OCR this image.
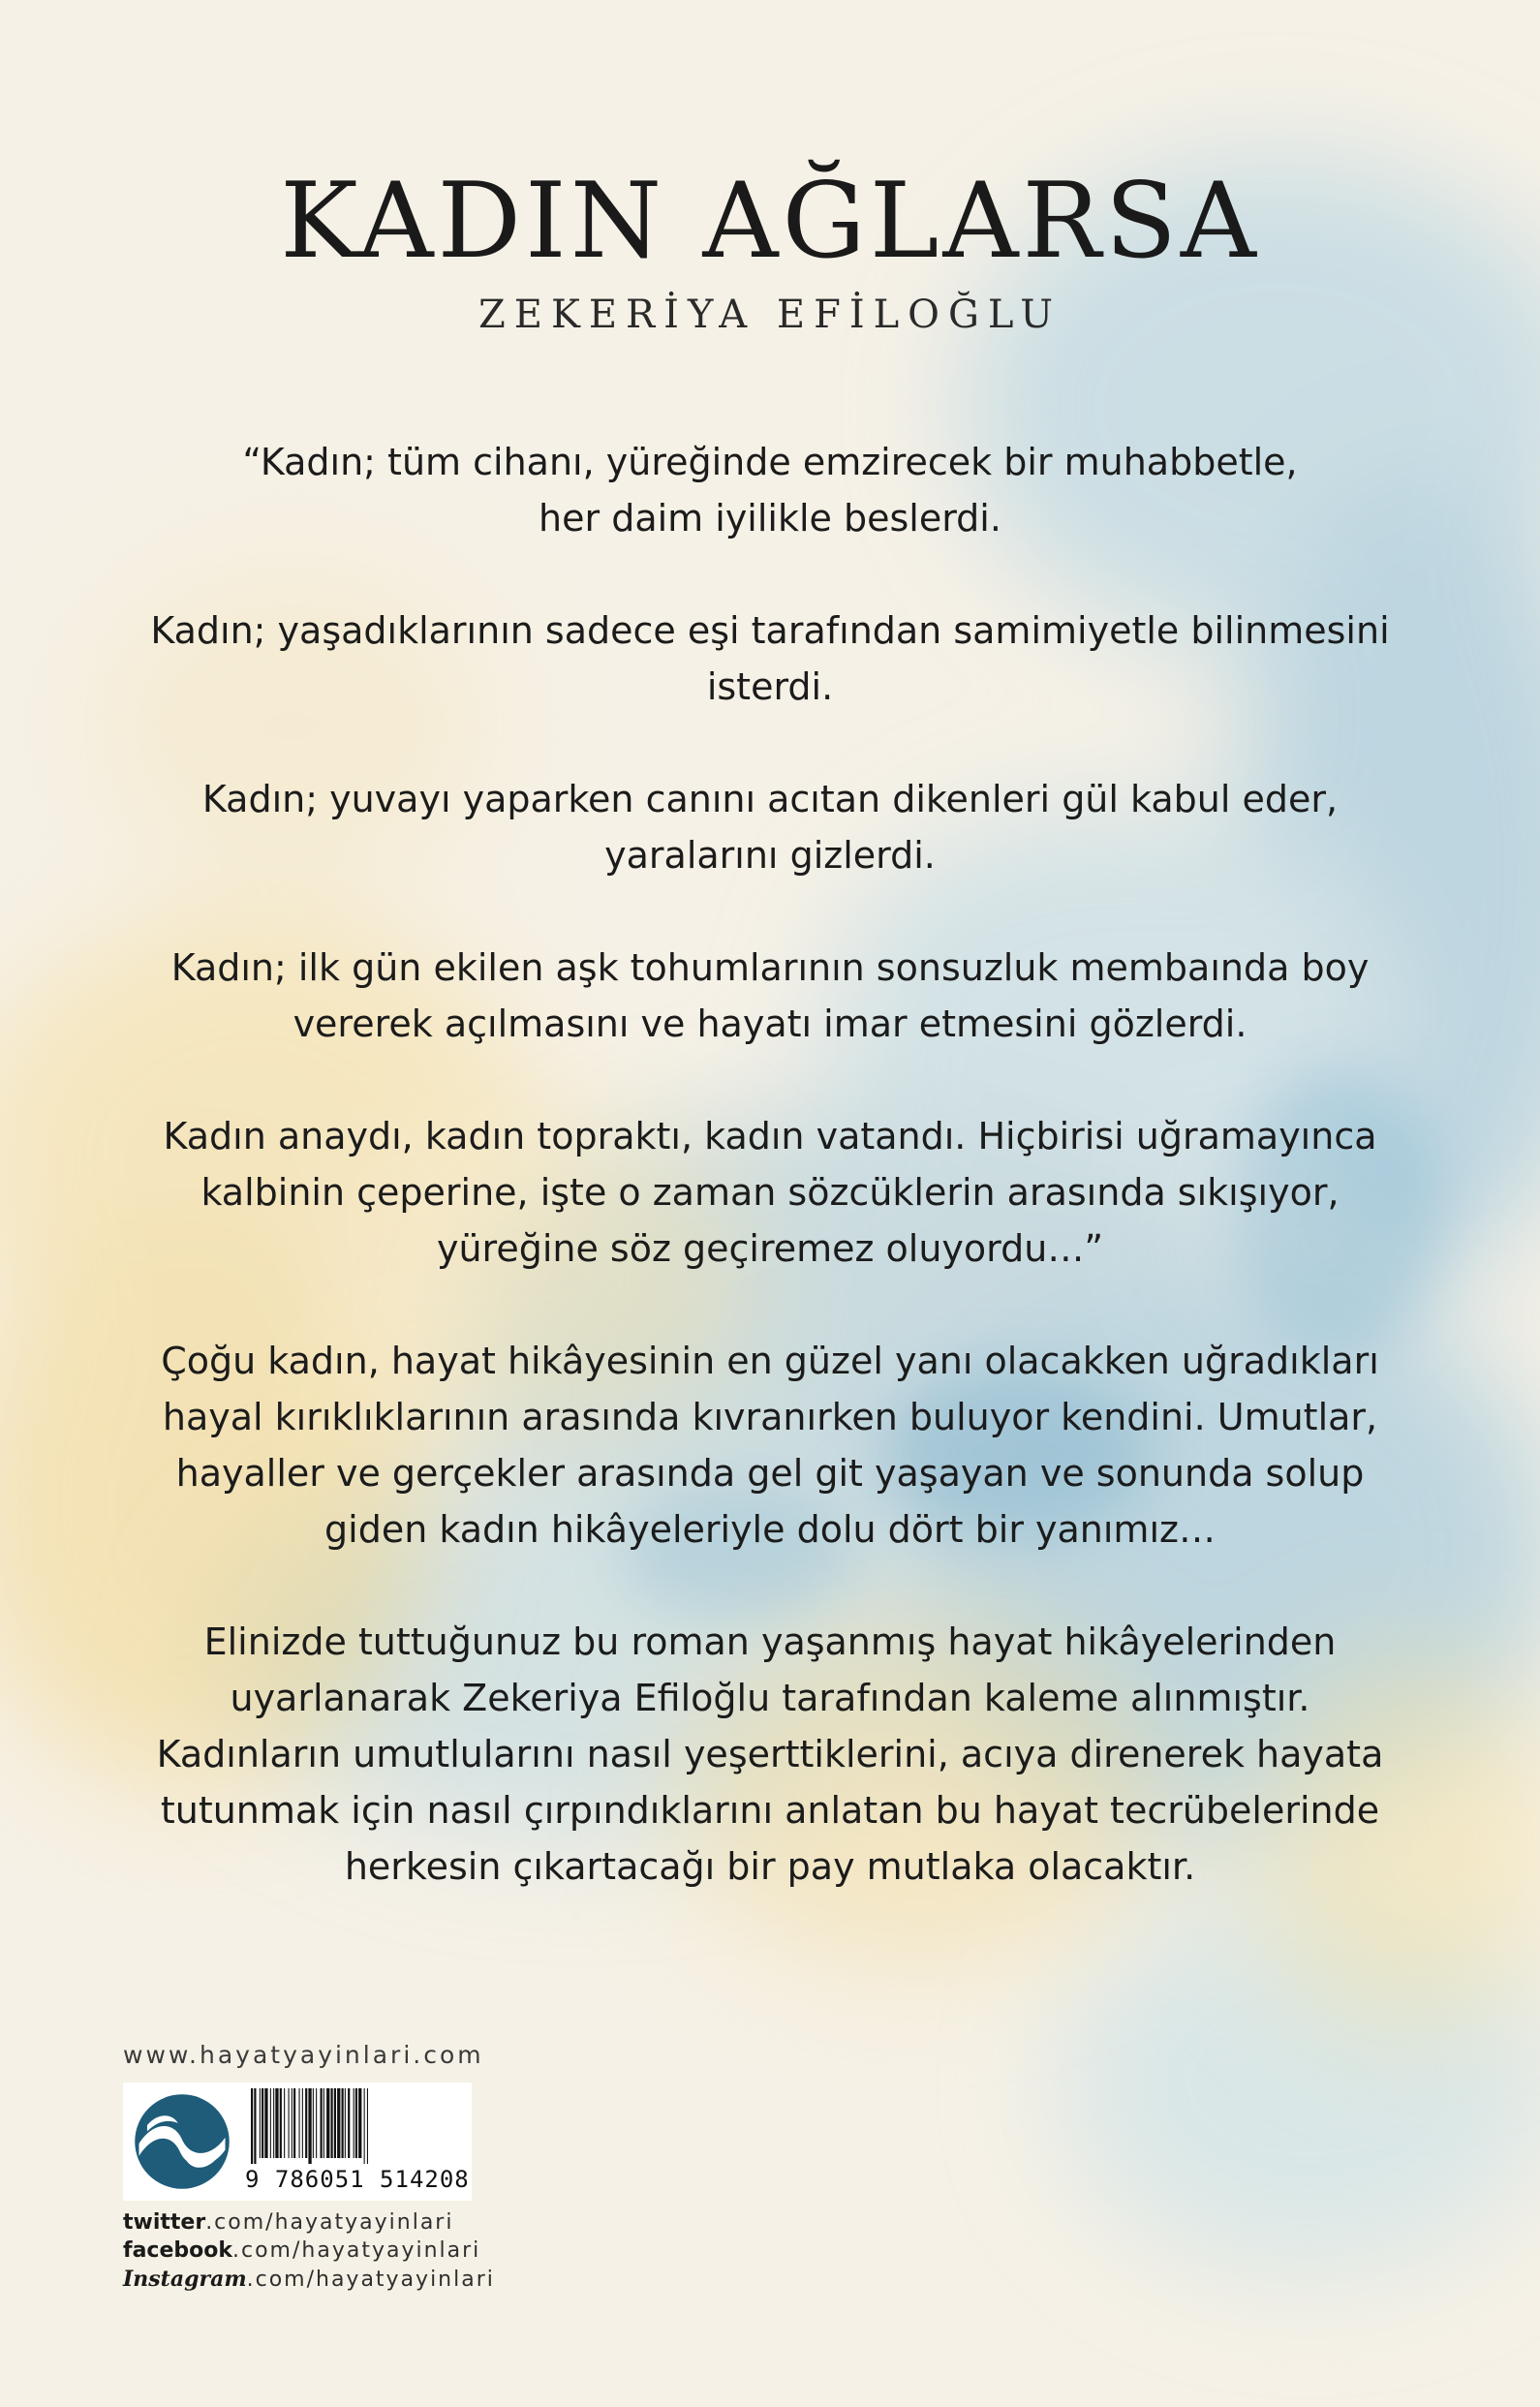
KADIN AĞLARSA
ZEKERİYA EFİLOĞLU

“Kadın; tüm cihanı, yüreğinde emzirecek bir muhabbetle,
her daim iyilikle beslerdi.

Kadın; yaşadıklarının sadece eşi tarafından samimiyetle bilinmesini
isterdi.

Kadın; yuvayı yaparken canını acıtan dikenleri gül kabul eder,
yaralarını gizlerdi.

Kadın; ilk gün ekilen aşk tohumlarının sonsuzluk membaında boy
vererek açılmasını ve hayatı imar etmesini gözlerdi.

Kadın anaydı, kadın topraktı, kadın vatandı. Hiçbirisi uğramayınca
kalbinin çeperine, işte o zaman sözcüklerin arasında sıkışıyor,
yüreğine söz geçiremez oluyordu…”

Çoğu kadın, hayat hikâyesinin en güzel yanı olacakken uğradıkları
hayal kırıklıklarının arasında kıvranırken buluyor kendini. Umutlar,
hayaller ve gerçekler arasında gel git yaşayan ve sonunda solup
giden kadın hikâyeleriyle dolu dört bir yanımız…

Elinizde tuttuğunuz bu roman yaşanmış hayat hikâyelerinden
uyarlanarak Zekeriya Efiloğlu tarafından kaleme alınmıştır.
Kadınların umutlularını nasıl yeşerttiklerini, acıya direnerek hayata
tutunmak için nasıl çırpındıklarını anlatan bu hayat tecrübelerinde
herkesin çıkartacağı bir pay mutlaka olacaktır.

www.hayatyayinlari.com
9 786051 514208
twitter.com/hayatyayinlari
facebook.com/hayatyayinlari
Instagram.com/hayatyayinlari
